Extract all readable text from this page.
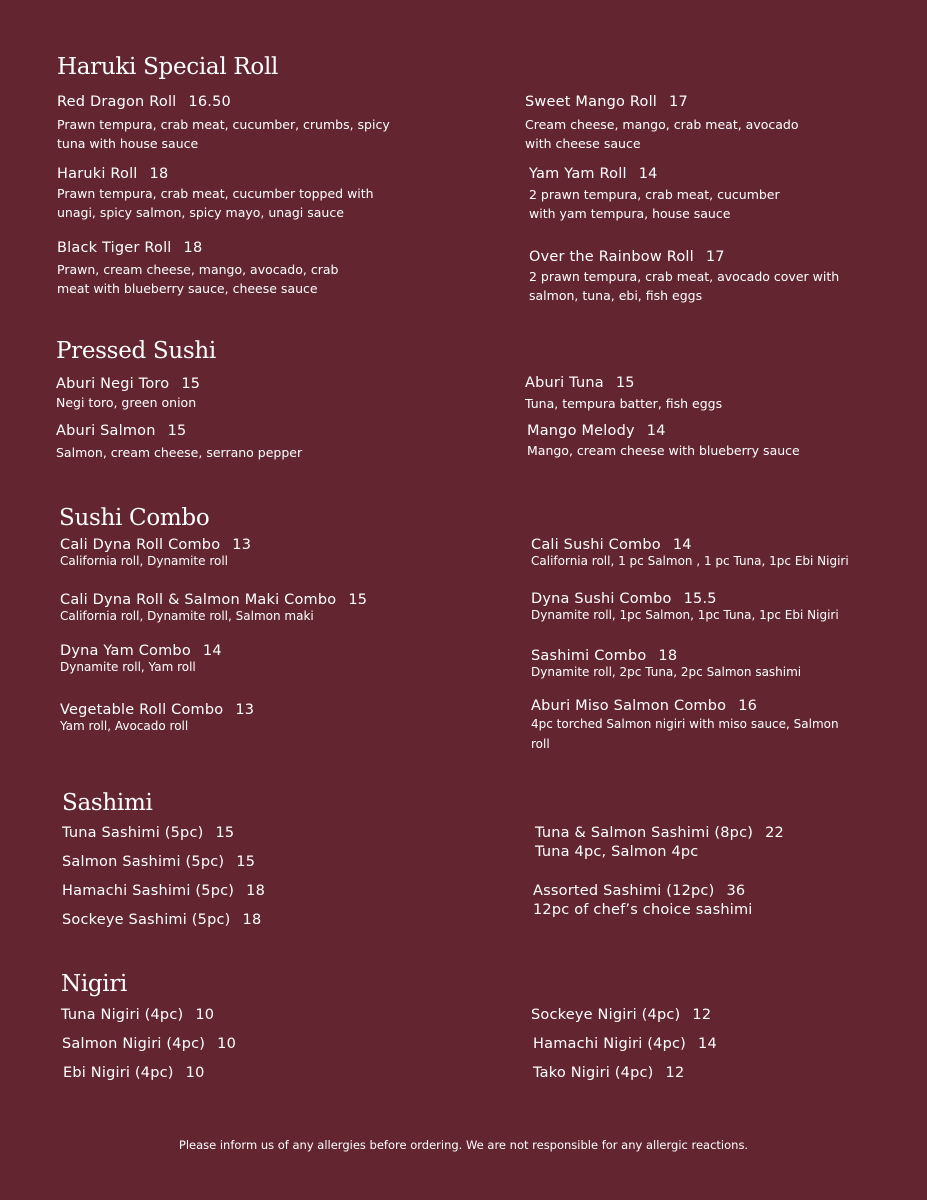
Haruki Special Roll
Red Dragon Roll 16.50
Prawn tempura, crab meat, cucumber, crumbs, spicy
tuna with house sauce
Haruki Roll 18
Prawn tempura, crab meat, cucumber topped with
unagi, spicy salmon, spicy mayo, unagi sauce
Black Tiger Roll 18
Prawn, cream cheese, mango, avocado, crab
meat with blueberry sauce, cheese sauce
Sweet Mango Roll 17
Cream cheese, mango, crab meat, avocado
with cheese sauce
Yam Yam Roll 14
2 prawn tempura, crab meat, cucumber
with yam tempura, house sauce
Over the Rainbow Roll 17
2 prawn tempura, crab meat, avocado cover with
salmon, tuna, ebi, fish eggs
Pressed Sushi
Aburi Negi Toro 15
Negi toro, green onion
Aburi Salmon 15
Salmon, cream cheese, serrano pepper
Aburi Tuna 15
Tuna, tempura batter, fish eggs
Mango Melody 14
Mango, cream cheese with blueberry sauce
Sushi Combo
Cali Dyna Roll Combo 13
California roll, Dynamite roll
Cali Dyna Roll & Salmon Maki Combo 15
California roll, Dynamite roll, Salmon maki
Dyna Yam Combo 14
Dynamite roll, Yam roll
Vegetable Roll Combo 13
Yam roll, Avocado roll
Cali Sushi Combo 14
California roll, 1 pc Salmon , 1 pc Tuna, 1pc Ebi Nigiri
Dyna Sushi Combo 15.5
Dynamite roll, 1pc Salmon, 1pc Tuna, 1pc Ebi Nigiri
Sashimi Combo 18
Dynamite roll, 2pc Tuna, 2pc Salmon sashimi
Aburi Miso Salmon Combo 16
4pc torched Salmon nigiri with miso sauce, Salmon
roll
Sashimi
Tuna Sashimi (5pc) 15
Salmon Sashimi (5pc) 15
Hamachi Sashimi (5pc) 18
Sockeye Sashimi (5pc) 18
Tuna & Salmon Sashimi (8pc) 22
Tuna 4pc, Salmon 4pc
Assorted Sashimi (12pc) 36
12pc of chef’s choice sashimi
Nigiri
Tuna Nigiri (4pc) 10
Salmon Nigiri (4pc) 10
Ebi Nigiri (4pc) 10
Sockeye Nigiri (4pc) 12
Hamachi Nigiri (4pc) 14
Tako Nigiri (4pc) 12
Please inform us of any allergies before ordering. We are not responsible for any allergic reactions.
